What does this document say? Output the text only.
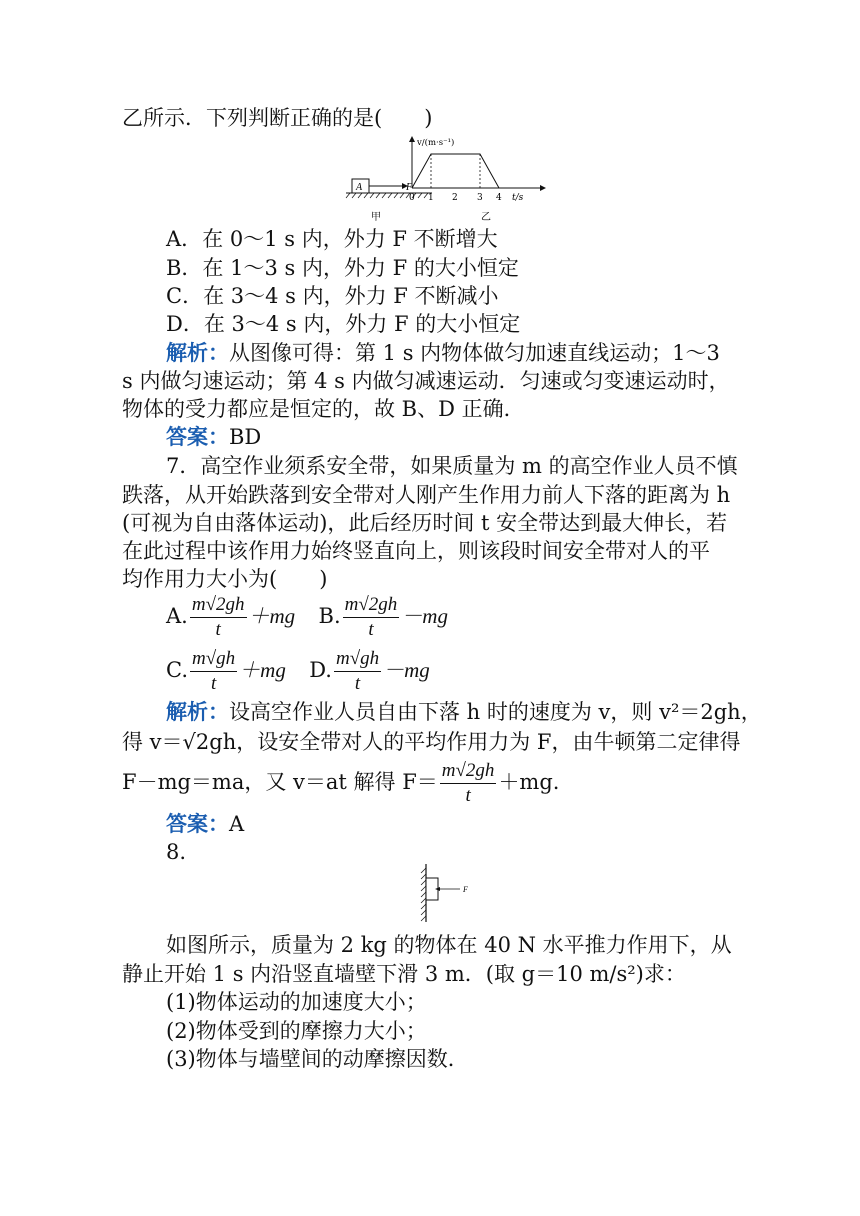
乙所示．下列判断正确的是(　　)
A	F
甲
v/(m·s⁻¹)
0 1 2 3 4 t/s
乙
A．在 0～1 s 内，外力 F 不断增大
B．在 1～3 s 内，外力 F 的大小恒定
C．在 3～4 s 内，外力 F 不断减小
D．在 3～4 s 内，外力 F 的大小恒定
解析：从图像可得：第 1 s 内物体做匀加速直线运动；1～3
s 内做匀速运动；第 4 s 内做匀减速运动．匀速或匀变速运动时，
物体的受力都应是恒定的，故 B、D 正确．
答案：BD
7．高空作业须系安全带，如果质量为 m 的高空作业人员不慎
跌落，从开始跌落到安全带对人刚产生作用力前人下落的距离为 h
(可视为自由落体运动)，此后经历时间 t 安全带达到最大伸长，若
在此过程中该作用力始终竖直向上，则该段时间安全带对人的平
均作用力大小为(　　)
A. $\frac{m√2gh}{t} +mg$ B. $\frac{m√2gh}{t} -mg$
C. $\frac{m√gh}{t} +mg$ D. $\frac{m√gh}{t} -mg$
解析：设高空作业人员自由下落 h 时的速度为 v，则 v²＝2gh，
得 v＝√2gh，设安全带对人的平均作用力为 F，由牛顿第二定律得
F－mg＝ma，又 v＝at 解得 $F= \frac{m√2gh}{t} +mg$.
答案：A
8.
F
如图所示，质量为 2 kg 的物体在 40 N 水平推力作用下，从
静止开始 1 s 内沿竖直墙壁下滑 3 m．(取 g＝10 m/s²)求：
(1)物体运动的加速度大小；
(2)物体受到的摩擦力大小；
(3)物体与墙壁间的动摩擦因数．
